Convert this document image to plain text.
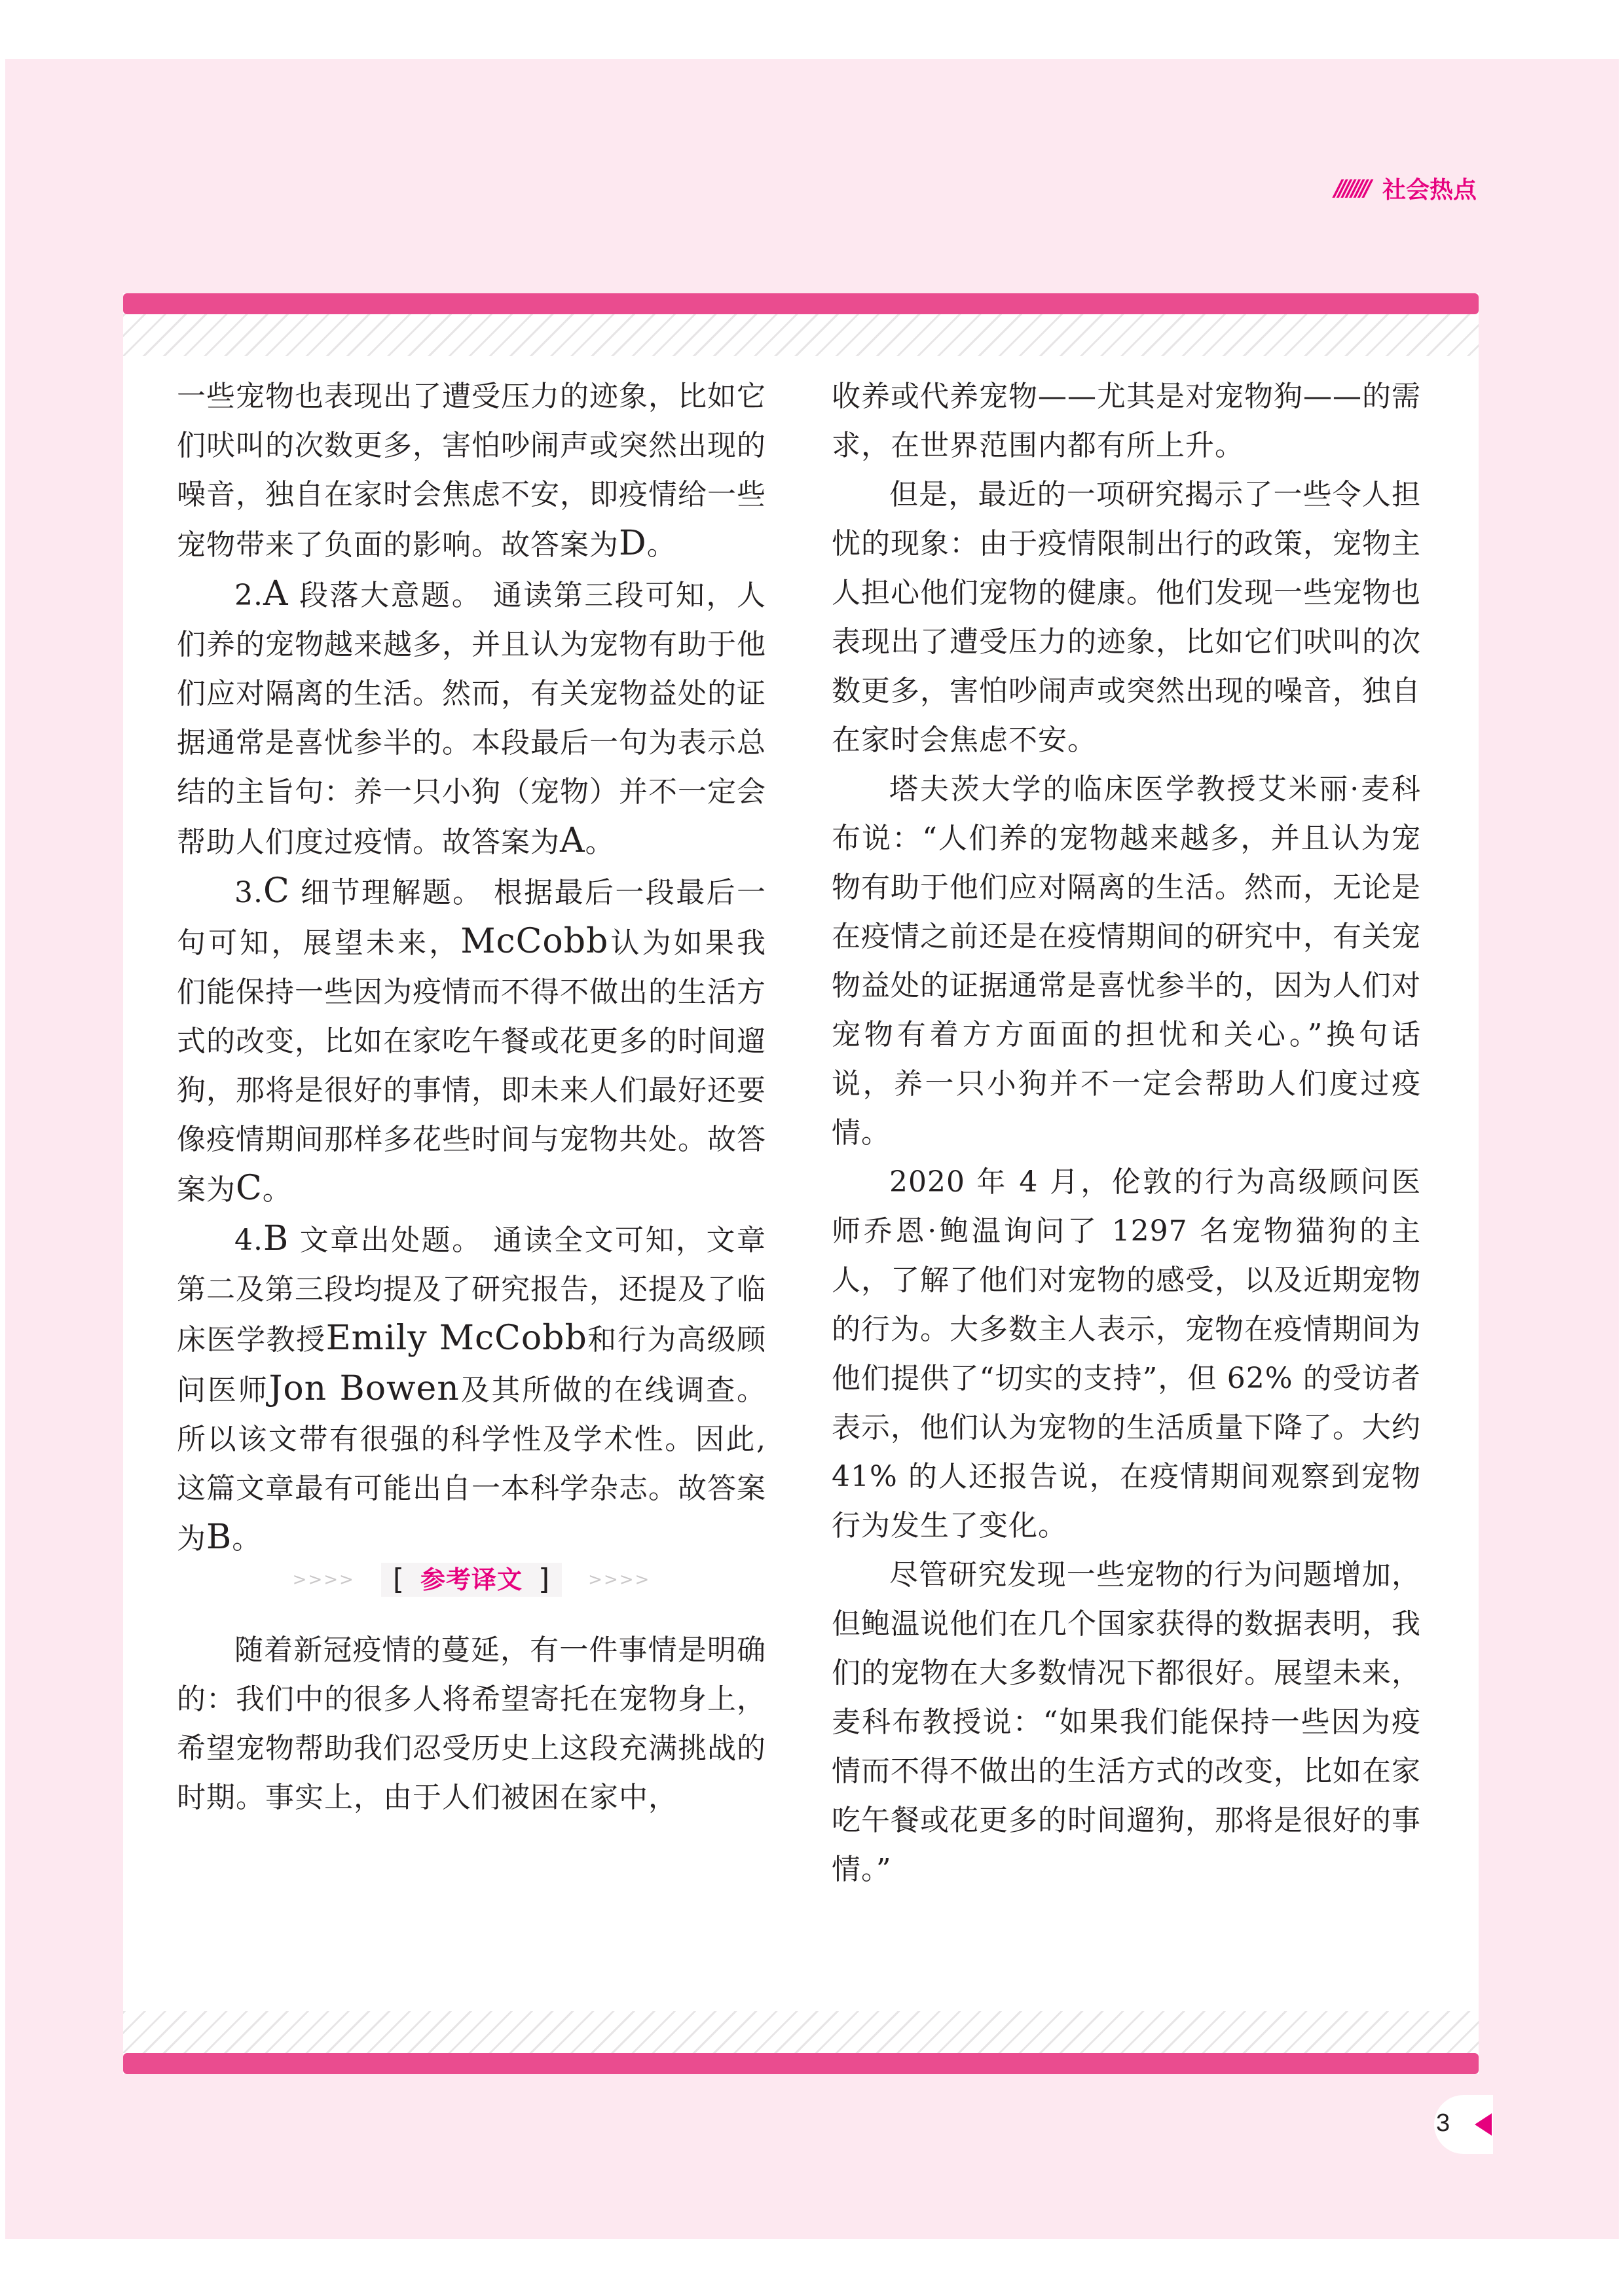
//////// 社会热点

一些宠物也表现出了遭受压力的迹象，比如它们吠叫的次数更多，害怕吵闹声或突然出现的噪音，独自在家时会焦虑不安，即疫情给一些宠物带来了负面的影响。故答案为D。

2.A 段落大意题。 通读第三段可知，人们养的宠物越来越多，并且认为宠物有助于他们应对隔离的生活。然而，有关宠物益处的证据通常是喜忧参半的。本段最后一句为表示总结的主旨句：养一只小狗（宠物）并不一定会帮助人们度过疫情。故答案为A。

3.C 细节理解题。 根据最后一段最后一句可知，展望未来，McCobb认为如果我们能保持一些因为疫情而不得不做出的生活方式的改变，比如在家吃午餐或花更多的时间遛狗，那将是很好的事情，即未来人们最好还要像疫情期间那样多花些时间与宠物共处。故答案为C。

4.B 文章出处题。 通读全文可知，文章第二及第三段均提及了研究报告，还提及了临床医学教授Emily McCobb和行为高级顾问医师Jon Bowen及其所做的在线调查。所以该文带有很强的科学性及学术性。因此,这篇文章最有可能出自一本科学杂志。故答案为B。

>>>> [ 参考译文 ] >>>>

随着新冠疫情的蔓延，有一件事情是明确的：我们中的很多人将希望寄托在宠物身上，希望宠物帮助我们忍受历史上这段充满挑战的时期。事实上，由于人们被困在家中，

收养或代养宠物——尤其是对宠物狗——的需求，在世界范围内都有所上升。

但是，最近的一项研究揭示了一些令人担忧的现象：由于疫情限制出行的政策，宠物主人担心他们宠物的健康。他们发现一些宠物也表现出了遭受压力的迹象，比如它们吠叫的次数更多，害怕吵闹声或突然出现的噪音，独自在家时会焦虑不安。

塔夫茨大学的临床医学教授艾米丽·麦科布说：“人们养的宠物越来越多，并且认为宠物有助于他们应对隔离的生活。然而，无论是在疫情之前还是在疫情期间的研究中，有关宠物益处的证据通常是喜忧参半的，因为人们对宠物有着方方面面的担忧和关心。”换句话说，养一只小狗并不一定会帮助人们度过疫情。

2020 年 4 月，伦敦的行为高级顾问医师乔恩·鲍温询问了 1297 名宠物猫狗的主人，了解了他们对宠物的感受，以及近期宠物的行为。大多数主人表示，宠物在疫情期间为他们提供了“切实的支持”，但 62% 的受访者表示，他们认为宠物的生活质量下降了。大约 41% 的人还报告说，在疫情期间观察到宠物行为发生了变化。

尽管研究发现一些宠物的行为问题增加，但鲍温说他们在几个国家获得的数据表明，我们的宠物在大多数情况下都很好。展望未来，麦科布教授说：“如果我们能保持一些因为疫情而不得不做出的生活方式的改变，比如在家吃午餐或花更多的时间遛狗，那将是很好的事情。”

3
